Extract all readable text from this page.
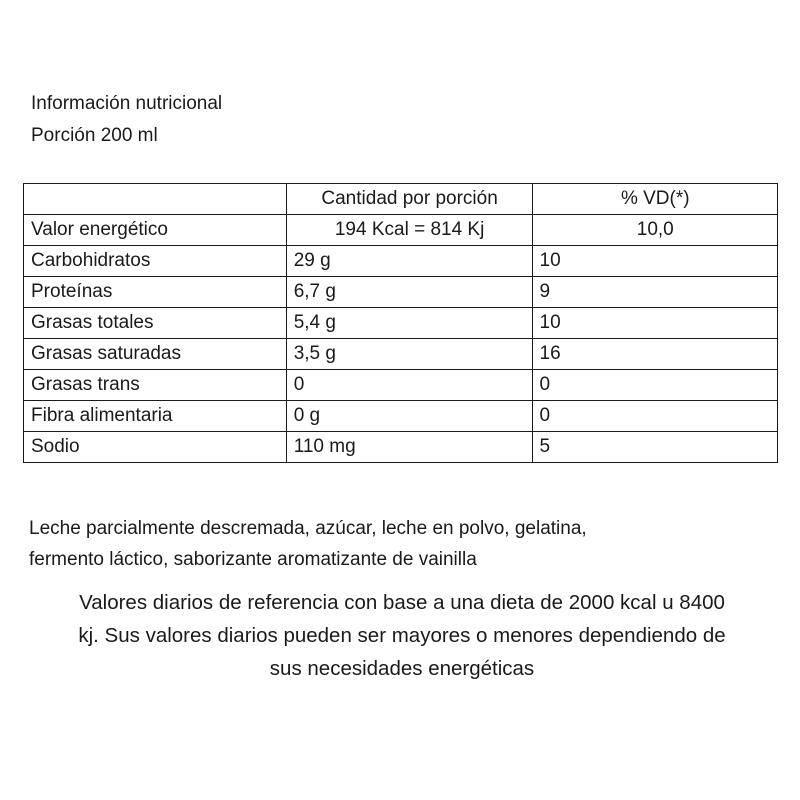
Información nutricional
Porción 200 ml
	Cantidad por porción	% VD(*)
Valor energético	194 Kcal = 814 Kj	10,0
Carbohidratos	29 g	10
Proteínas	6,7 g	9
Grasas totales	5,4 g	10
Grasas saturadas	3,5 g	16
Grasas trans	0	0
Fibra alimentaria	0 g	0
Sodio	110 mg	5
Leche parcialmente descremada, azúcar, leche en polvo, gelatina,
fermento láctico, saborizante aromatizante de vainilla
Valores diarios de referencia con base a una dieta de 2000 kcal u 8400
kj. Sus valores diarios pueden ser mayores o menores dependiendo de
sus necesidades energéticas
